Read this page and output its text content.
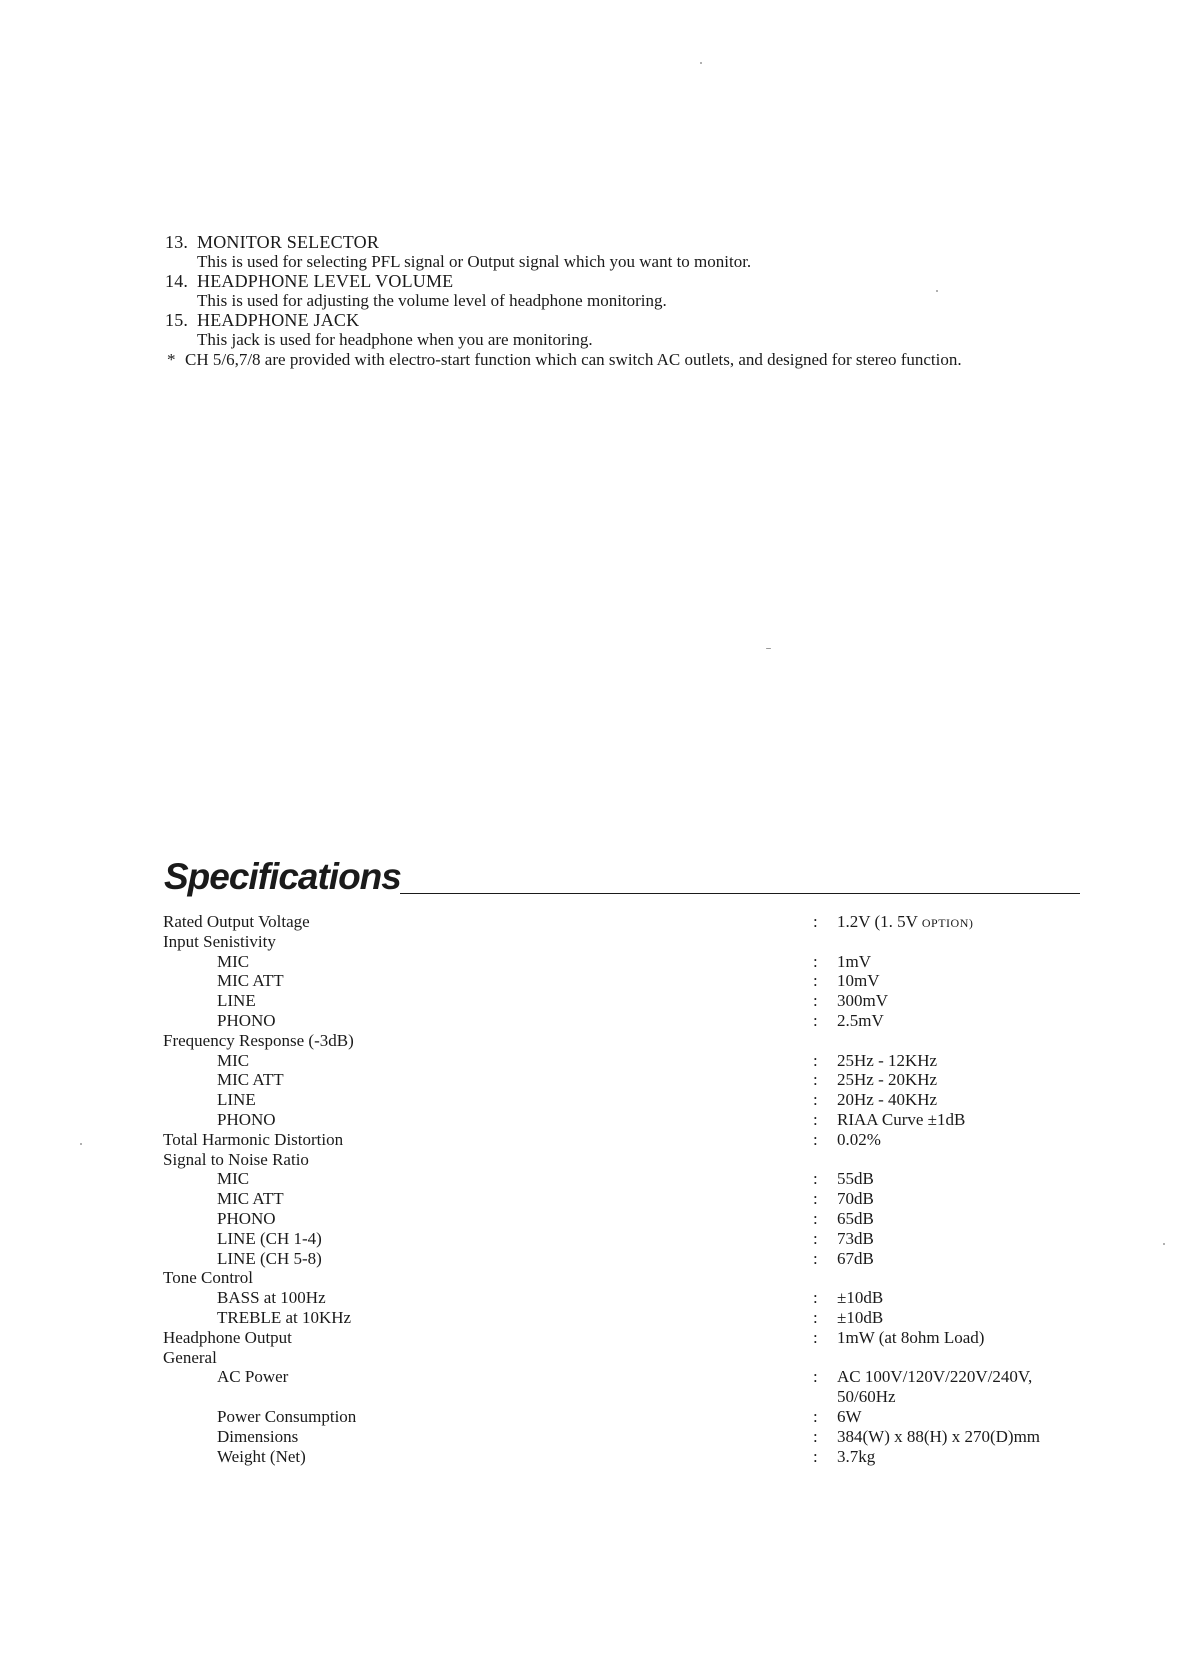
13. MONITOR SELECTOR
This is used for selecting PFL signal or Output signal which you want to monitor.
14. HEADPHONE LEVEL VOLUME
This is used for adjusting the volume level of headphone monitoring.
15. HEADPHONE JACK
This jack is used for headphone when you are monitoring.
* CH 5/6,7/8 are provided with electro-start function which can switch AC outlets, and designed for stereo function.
Specifications
Rated Output Voltage	:	1.2V (1. 5V OPTION)
Input Senistivity
MIC	:	1mV
MIC ATT	:	10mV
LINE	:	300mV
PHONO	:	2.5mV
Frequency Response (-3dB)
MIC	:	25Hz - 12KHz
MIC ATT	:	25Hz - 20KHz
LINE	:	20Hz - 40KHz
PHONO	:	RIAA Curve ±1dB
Total Harmonic Distortion	:	0.02%
Signal to Noise Ratio
MIC	:	55dB
MIC ATT	:	70dB
PHONO	:	65dB
LINE (CH 1-4)	:	73dB
LINE (CH 5-8)	:	67dB
Tone Control
BASS at 100Hz	:	±10dB
TREBLE at 10KHz	:	±10dB
Headphone Output	:	1mW (at 8ohm Load)
General
AC Power	:	AC 100V/120V/220V/240V, 50/60Hz
Power Consumption	:	6W
Dimensions	:	384(W) x 88(H) x 270(D)mm
Weight (Net)	:	3.7kg
